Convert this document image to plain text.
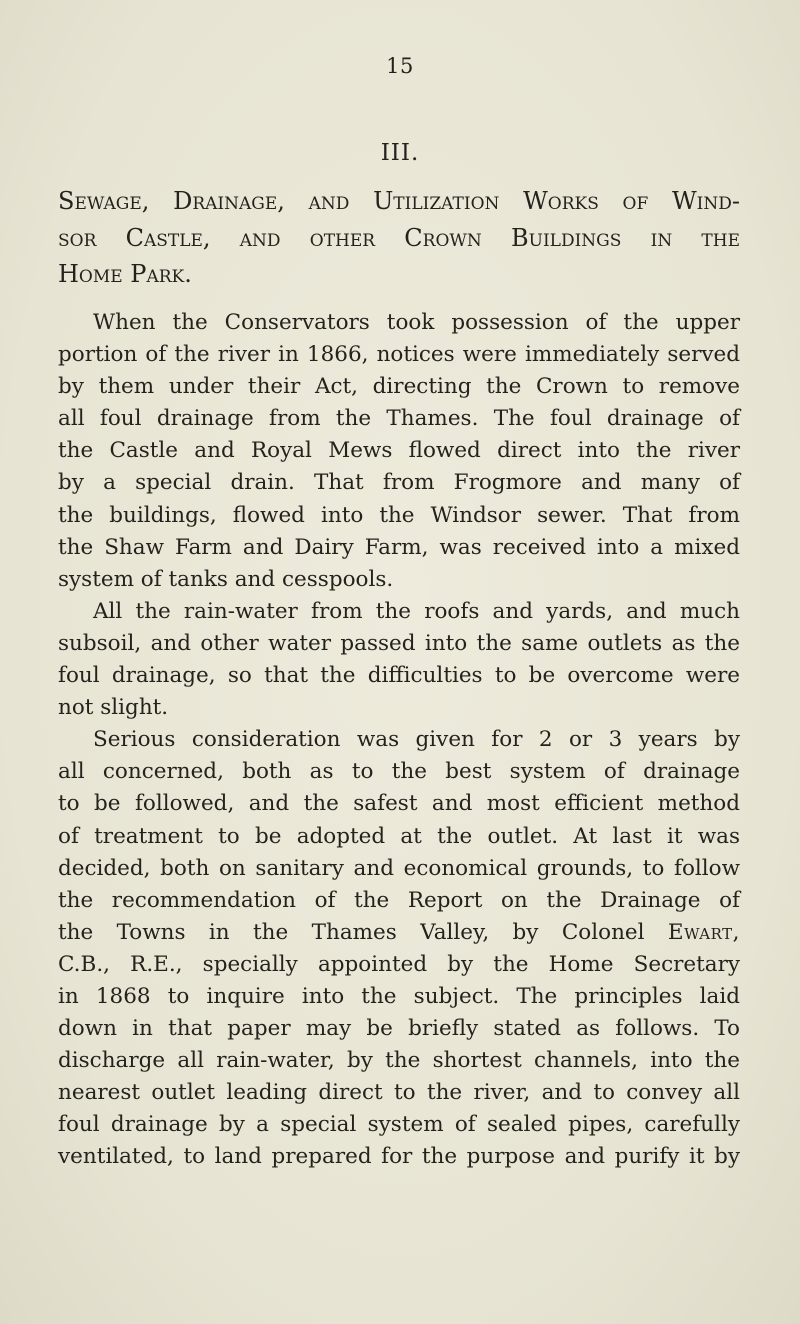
15
III.
Sewage, Drainage, and Utilization Works of Wind-
sor Castle, and other Crown Buildings in the
Home Park.
When the Conservators took possession of the upper
portion of the river in 1866, notices were immediately served
by them under their Act, directing the Crown to remove
all foul drainage from the Thames. The foul drainage of
the Castle and Royal Mews flowed direct into the river
by a special drain. That from Frogmore and many of
the buildings, flowed into the Windsor sewer. That from
the Shaw Farm and Dairy Farm, was received into a mixed
system of tanks and cesspools.
All the rain-water from the roofs and yards, and much
subsoil, and other water passed into the same outlets as the
foul drainage, so that the difficulties to be overcome were
not slight.
Serious consideration was given for 2 or 3 years by
all concerned, both as to the best system of drainage
to be followed, and the safest and most efficient method
of treatment to be adopted at the outlet. At last it was
decided, both on sanitary and economical grounds, to follow
the recommendation of the Report on the Drainage of
the Towns in the Thames Valley, by Colonel Ewart,
C.B., R.E., specially appointed by the Home Secretary
in 1868 to inquire into the subject. The principles laid
down in that paper may be briefly stated as follows. To
discharge all rain-water, by the shortest channels, into the
nearest outlet leading direct to the river, and to convey all
foul drainage by a special system of sealed pipes, carefully
ventilated, to land prepared for the purpose and purify it by
